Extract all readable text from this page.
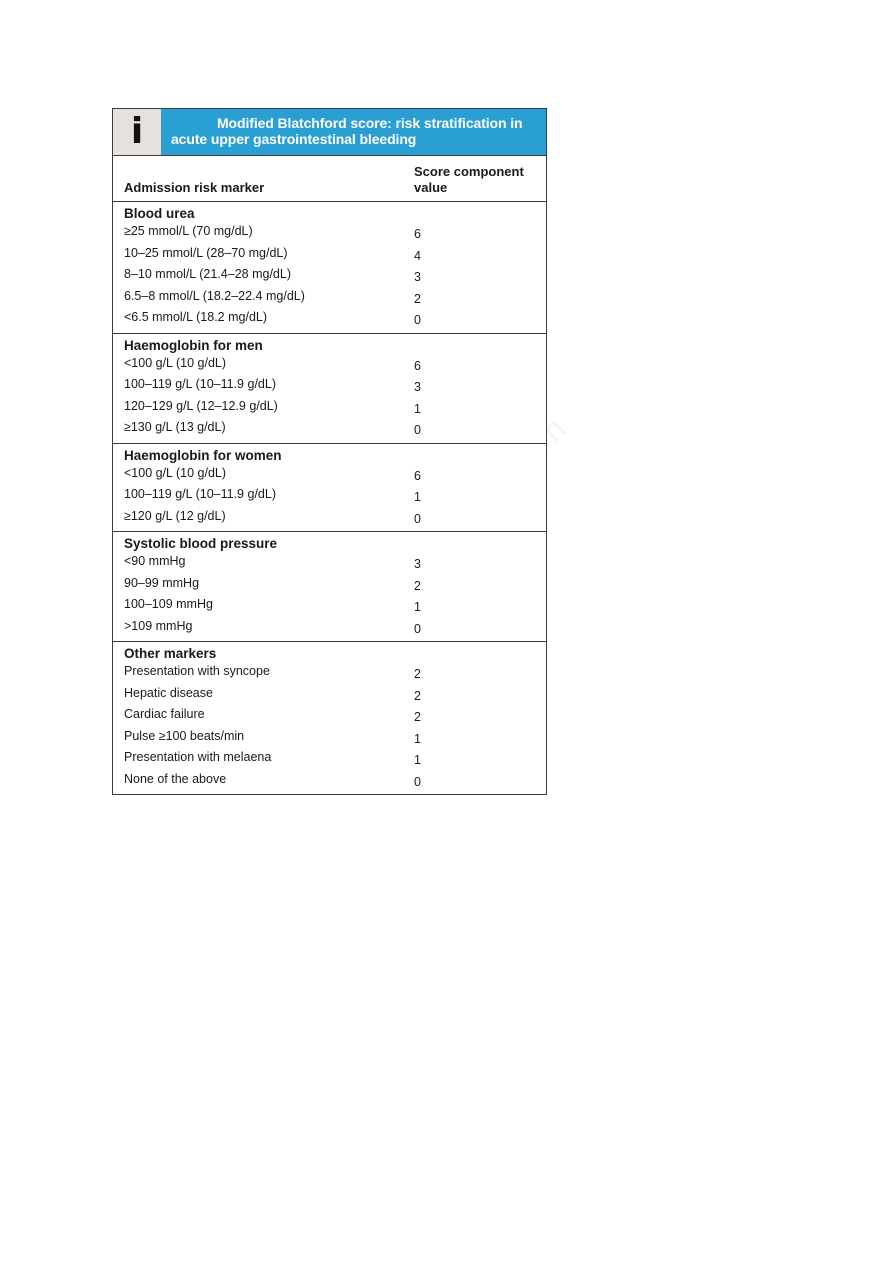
i	Modified Blatchford score: risk stratification in acute upper gastrointestinal bleeding
Admission risk marker
Score component value
Blood urea
≥25 mmol/L (70 mg/dL)	6
10–25 mmol/L (28–70 mg/dL)	4
8–10 mmol/L (21.4–28 mg/dL)	3
6.5–8 mmol/L (18.2–22.4 mg/dL)	2
<6.5 mmol/L (18.2 mg/dL)	0
Haemoglobin for men
<100 g/L (10 g/dL)	6
100–119 g/L (10–11.9 g/dL)	3
120–129 g/L (12–12.9 g/dL)	1
≥130 g/L (13 g/dL)	0
Haemoglobin for women
<100 g/L (10 g/dL)	6
100–119 g/L (10–11.9 g/dL)	1
≥120 g/L (12 g/dL)	0
Systolic blood pressure
<90 mmHg	3
90–99 mmHg	2
100–109 mmHg	1
>109 mmHg	0
Other markers
Presentation with syncope	2
Hepatic disease	2
Cardiac failure	2
Pulse ≥100 beats/min	1
Presentation with melaena	1
None of the above	0
